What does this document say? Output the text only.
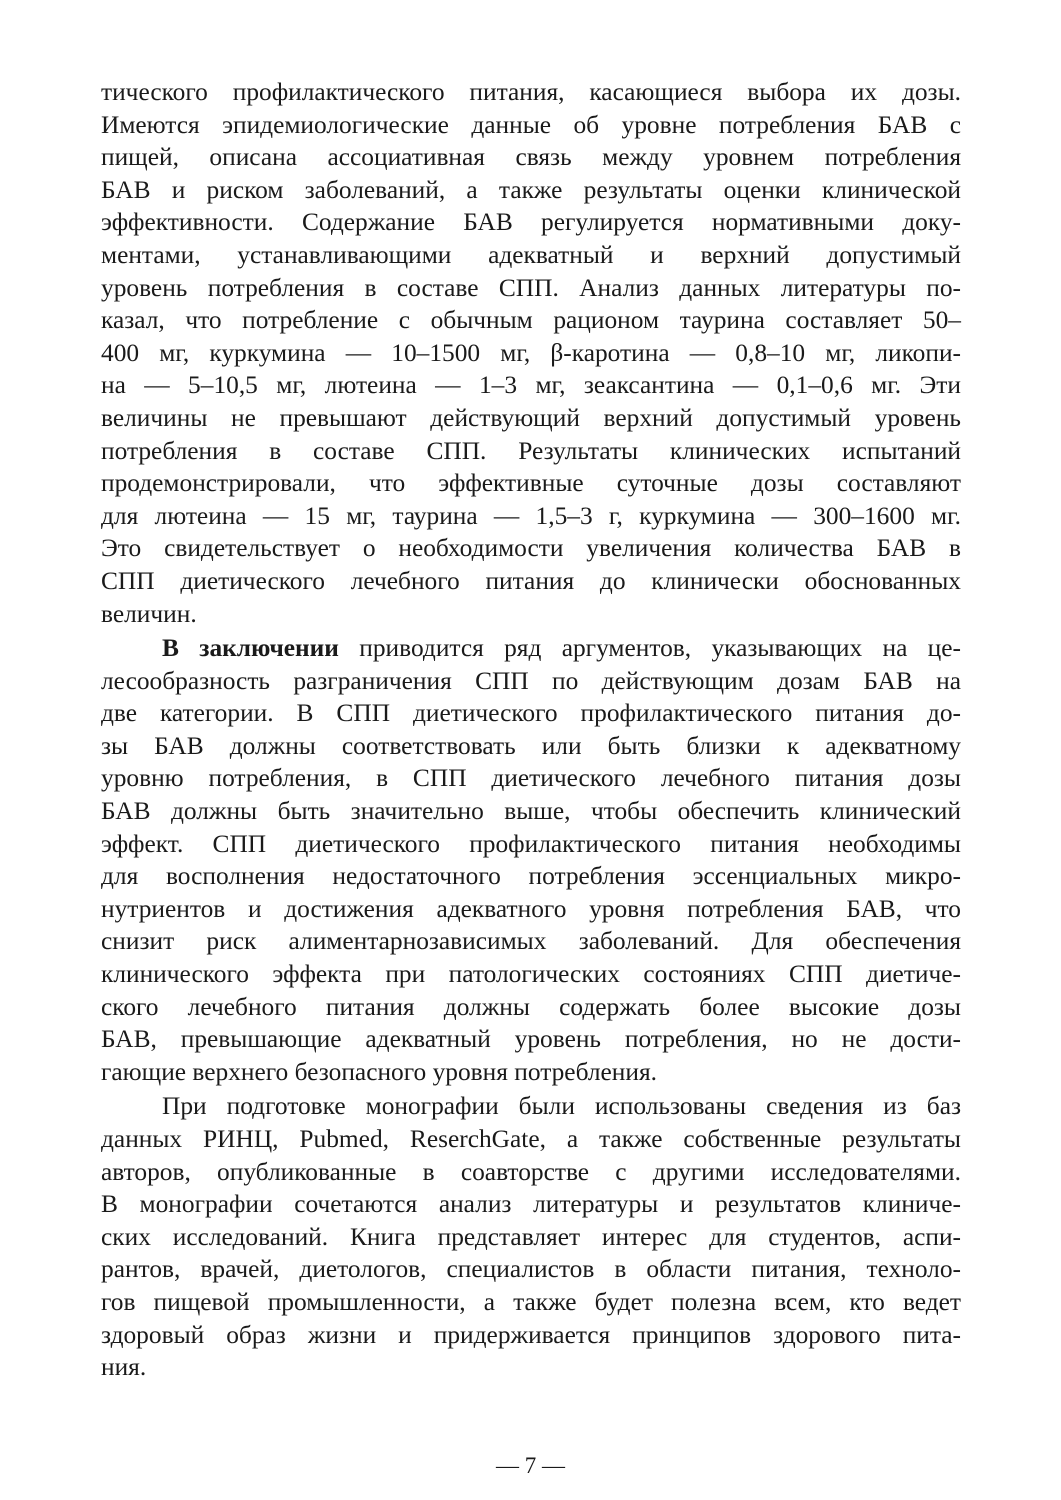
тического профилактического питания, касающиеся выбора их дозы.
Имеются эпидемиологические данные об уровне потребления БАВ с
пищей, описана ассоциативная связь между уровнем потребления
БАВ и риском заболеваний, а также результаты оценки клинической
эффективности. Содержание БАВ регулируется нормативными доку-
ментами, устанавливающими адекватный и верхний допустимый
уровень потребления в составе СПП. Анализ данных литературы по-
казал, что потребление с обычным рационом таурина составляет 50–
400 мг, куркумина — 10–1500 мг, β-каротина — 0,8–10 мг, ликопи-
на — 5–10,5 мг, лютеина — 1–3 мг, зеаксантина — 0,1–0,6 мг. Эти
величины не превышают действующий верхний допустимый уровень
потребления в составе СПП. Результаты клинических испытаний
продемонстрировали, что эффективные суточные дозы составляют
для лютеина — 15 мг, таурина — 1,5–3 г, куркумина — 300–1600 мг.
Это свидетельствует о необходимости увеличения количества БАВ в
СПП диетического лечебного питания до клинически обоснованных
величин.
В заключении приводится ряд аргументов, указывающих на це-
лесообразность разграничения СПП по действующим дозам БАВ на
две категории. В СПП диетического профилактического питания до-
зы БАВ должны соответствовать или быть близки к адекватному
уровню потребления, в СПП диетического лечебного питания дозы
БАВ должны быть значительно выше, чтобы обеспечить клинический
эффект. СПП диетического профилактического питания необходимы
для восполнения недостаточного потребления эссенциальных микро-
нутриентов и достижения адекватного уровня потребления БАВ, что
снизит риск алиментарнозависимых заболеваний. Для обеспечения
клинического эффекта при патологических состояниях СПП диетиче-
ского лечебного питания должны содержать более высокие дозы
БАВ, превышающие адекватный уровень потребления, но не дости-
гающие верхнего безопасного уровня потребления.
При подготовке монографии были использованы сведения из баз
данных РИНЦ, Pubmed, ReserchGate, а также собственные результаты
авторов, опубликованные в соавторстве с другими исследователями.
В монографии сочетаются анализ литературы и результатов клиниче-
ских исследований. Книга представляет интерес для студентов, аспи-
рантов, врачей, диетологов, специалистов в области питания, техноло-
гов пищевой промышленности, а также будет полезна всем, кто ведет
здоровый образ жизни и придерживается принципов здорового пита-
ния.
— 7 —
